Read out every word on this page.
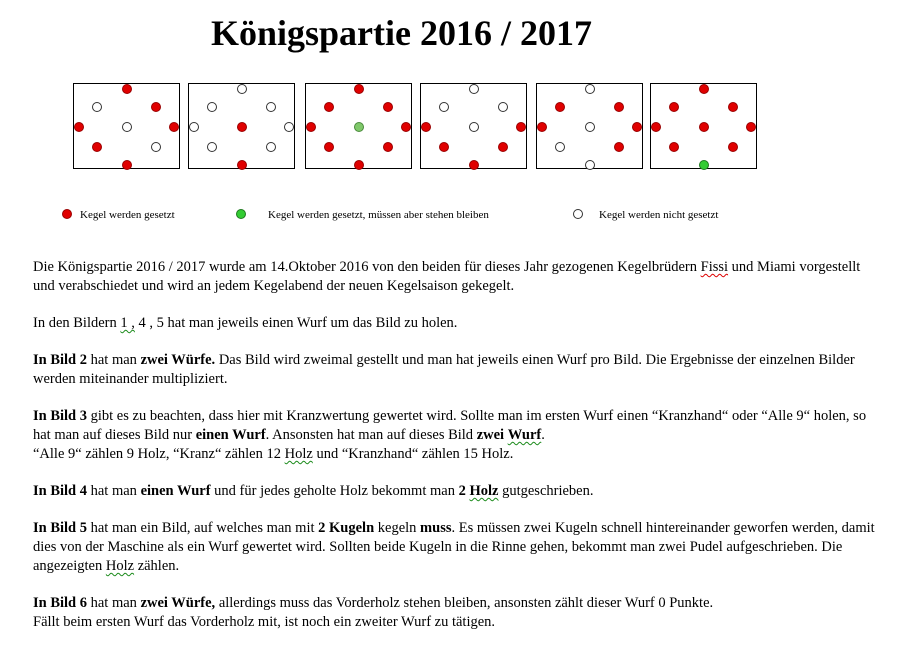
Königspartie 2016 / 2017
Kegel werden gesetzt	Kegel werden gesetzt, müssen aber stehen bleiben	Kegel werden nicht gesetzt

Die Königspartie 2016 / 2017 wurde am 14.Oktober 2016 von den beiden für dieses Jahr gezogenen Kegelbrüdern Fissi und Miami vorgestellt und verabschiedet und wird an jedem Kegelabend der neuen Kegelsaison gekegelt.

In den Bildern 1 , 4 , 5 hat man jeweils einen Wurf um das Bild zu holen.

In Bild 2 hat man zwei Würfe. Das Bild wird zweimal gestellt und man hat jeweils einen Wurf pro Bild. Die Ergebnisse der einzelnen Bilder werden miteinander multipliziert.

In Bild 3 gibt es zu beachten, dass hier mit Kranzwertung gewertet wird. Sollte man im ersten Wurf einen “Kranzhand“ oder “Alle 9“ holen, so hat man auf dieses Bild nur einen Wurf. Ansonsten hat man auf dieses Bild zwei Wurf.
“Alle 9“ zählen 9 Holz, “Kranz“ zählen 12 Holz und “Kranzhand“ zählen 15 Holz.

In Bild 4 hat man einen Wurf und für jedes geholte Holz bekommt man 2 Holz gutgeschrieben.

In Bild 5 hat man ein Bild, auf welches man mit 2 Kugeln kegeln muss. Es müssen zwei Kugeln schnell hintereinander geworfen werden, damit dies von der Maschine als ein Wurf gewertet wird. Sollten beide Kugeln in die Rinne gehen, bekommt man zwei Pudel aufgeschrieben. Die angezeigten Holz zählen.

In Bild 6 hat man zwei Würfe, allerdings muss das Vorderholz stehen bleiben, ansonsten zählt dieser Wurf 0 Punkte.
Fällt beim ersten Wurf das Vorderholz mit, ist noch ein zweiter Wurf zu tätigen.
